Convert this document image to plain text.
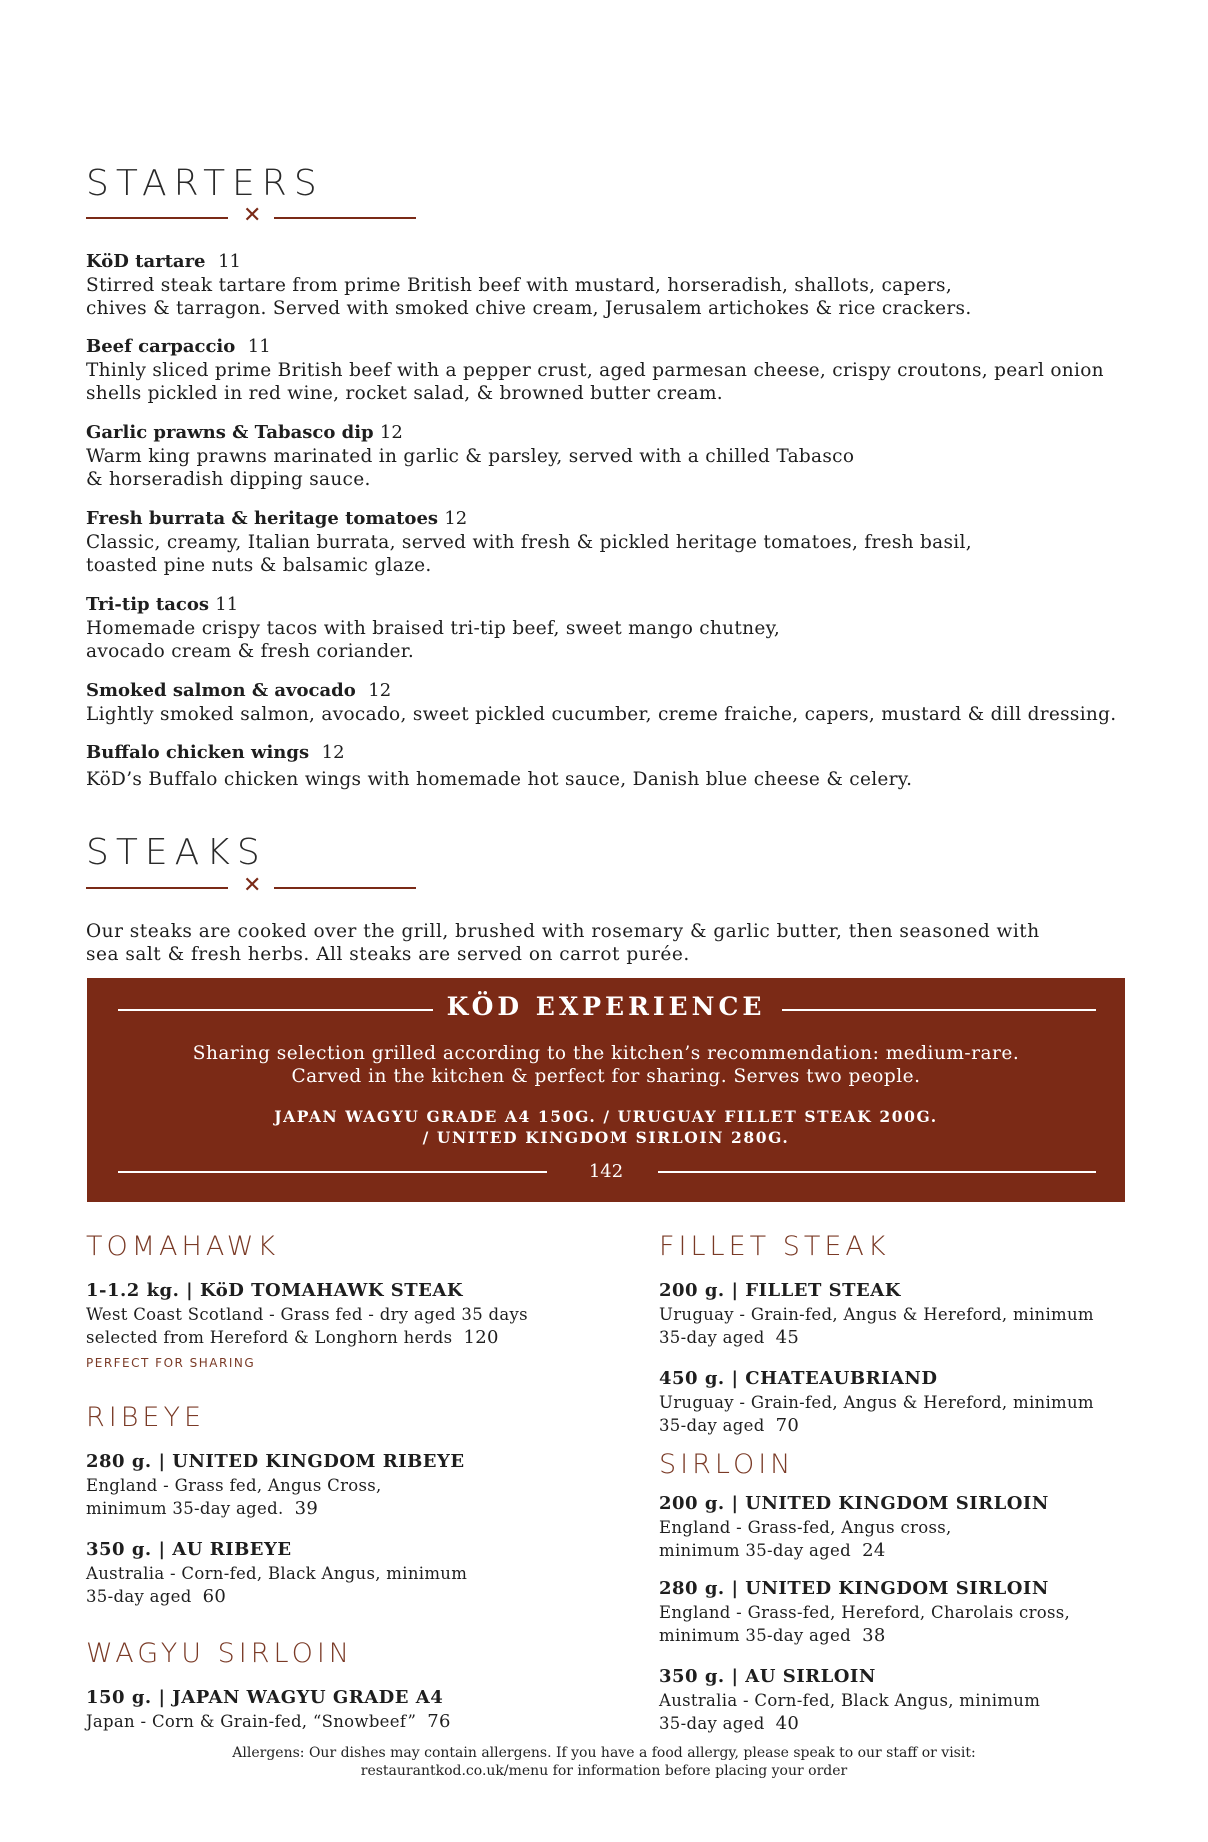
STARTERS
✕
KöD tartare 11
Stirred steak tartare from prime British beef with mustard, horseradish, shallots, capers,
chives & tarragon. Served with smoked chive cream, Jerusalem artichokes & rice crackers.
Beef carpaccio 11
Thinly sliced prime British beef with a pepper crust, aged parmesan cheese, crispy croutons, pearl onion
shells pickled in red wine, rocket salad, & browned butter cream.
Garlic prawns & Tabasco dip 12
Warm king prawns marinated in garlic & parsley, served with a chilled Tabasco
& horseradish dipping sauce.
Fresh burrata & heritage tomatoes 12
Classic, creamy, Italian burrata, served with fresh & pickled heritage tomatoes, fresh basil,
toasted pine nuts & balsamic glaze.
Tri-tip tacos 11
Homemade crispy tacos with braised tri-tip beef, sweet mango chutney,
avocado cream & fresh coriander.
Smoked salmon & avocado 12
Lightly smoked salmon, avocado, sweet pickled cucumber, creme fraiche, capers, mustard & dill dressing.
Buffalo chicken wings 12
KöD’s Buffalo chicken wings with homemade hot sauce, Danish blue cheese & celery.
STEAKS
✕
Our steaks are cooked over the grill, brushed with rosemary & garlic butter, then seasoned with
sea salt & fresh herbs. All steaks are served on carrot purée.
KÖD EXPERIENCE
Sharing selection grilled according to the kitchen’s recommendation: medium-rare.
Carved in the kitchen & perfect for sharing. Serves two people.
JAPAN WAGYU GRADE A4 150G. / URUGUAY FILLET STEAK 200G.
/ UNITED KINGDOM SIRLOIN 280G.
142
TOMAHAWK
1-1.2 kg. | KöD TOMAHAWK STEAK
West Coast Scotland - Grass fed - dry aged 35 days
selected from Hereford & Longhorn herds 120
PERFECT FOR SHARING
RIBEYE
280 g. | UNITED KINGDOM RIBEYE
England - Grass fed, Angus Cross,
minimum 35-day aged. 39
350 g. | AU RIBEYE
Australia - Corn-fed, Black Angus, minimum
35-day aged 60
WAGYU SIRLOIN
150 g. | JAPAN WAGYU GRADE A4
Japan - Corn & Grain-fed, “Snowbeef” 76
FILLET STEAK
200 g. | FILLET STEAK
Uruguay - Grain-fed, Angus & Hereford, minimum
35-day aged 45
450 g. | CHATEAUBRIAND
Uruguay - Grain-fed, Angus & Hereford, minimum
35-day aged 70
SIRLOIN
200 g. | UNITED KINGDOM SIRLOIN
England - Grass-fed, Angus cross,
minimum 35-day aged 24
280 g. | UNITED KINGDOM SIRLOIN
England - Grass-fed, Hereford, Charolais cross,
minimum 35-day aged 38
350 g. | AU SIRLOIN
Australia - Corn-fed, Black Angus, minimum
35-day aged 40
Allergens: Our dishes may contain allergens. If you have a food allergy, please speak to our staff or visit:
restaurantkod.co.uk/menu for information before placing your order
